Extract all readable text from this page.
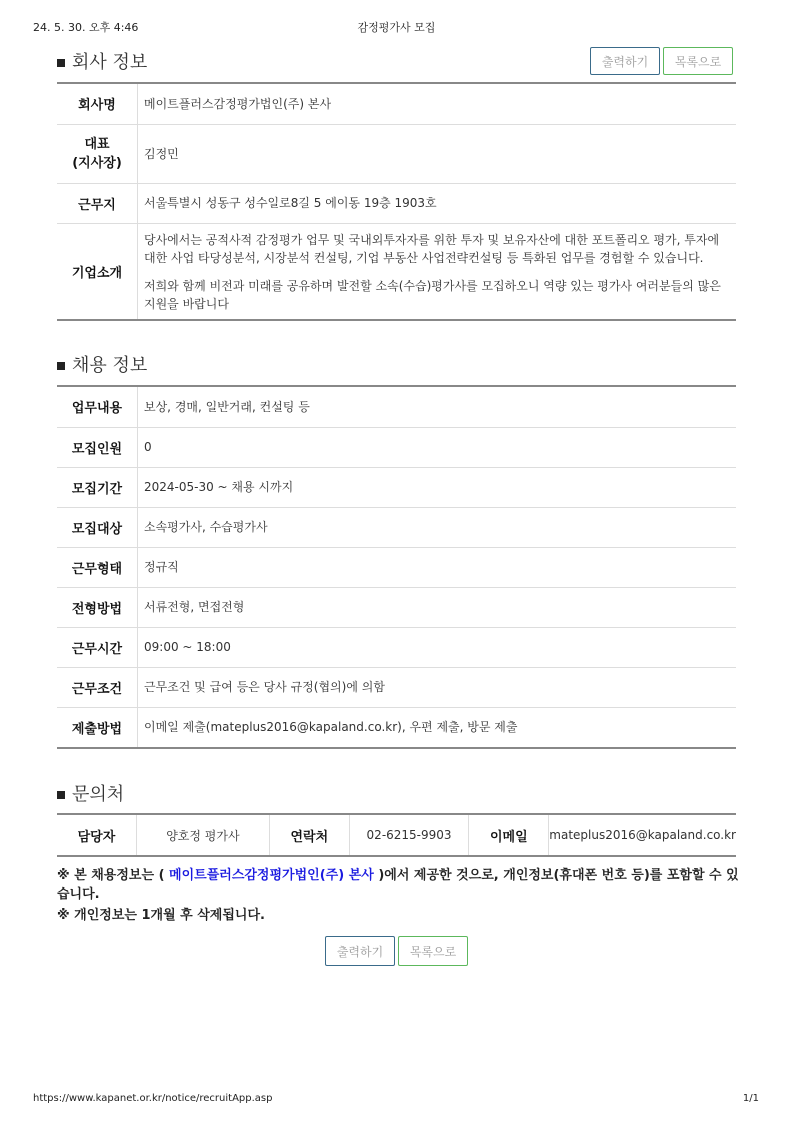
24. 5. 30. 오후 4:46	감정평가사 모집
회사 정보	출력하기	목록으로
회사명	메이트플러스감정평가법인(주) 본사
대표
(지사장)	김정민
근무지	서울특별시 성동구 성수일로8길 5 에이동 19층 1903호
기업소개	당사에서는 공적사적 감정평가 업무 및 국내외투자자를 위한 투자 및 보유자산에 대한 포트폴리오 평가, 투자에 대한 사업 타당성분석, 시장분석 컨설팅, 기업 부동산 사업전략컨설팅 등 특화된 업무를 경험할 수 있습니다.
저희와 함께 비전과 미래를 공유하며 발전할 소속(수습)평가사를 모집하오니 역량 있는 평가사 여러분들의 많은 지원을 바랍니다
채용 정보
업무내용	보상, 경매, 일반거래, 컨설팅 등
모집인원	0
모집기간	2024-05-30 ~ 채용 시까지
모집대상	소속평가사, 수습평가사
근무형태	정규직
전형방법	서류전형, 면접전형
근무시간	09:00 ~ 18:00
근무조건	근무조건 및 급여 등은 당사 규정(협의)에 의함
제출방법	이메일 제출(mateplus2016@kapaland.co.kr), 우편 제출, 방문 제출
문의처
담당자	양호정 평가사	연락처	02-6215-9903	이메일	mateplus2016@kapaland.co.kr
※ 본 채용정보는 ( 메이트플러스감정평가법인(주) 본사 )에서 제공한 것으로, 개인정보(휴대폰 번호 등)를 포함할 수 있습니다.
※ 개인정보는 1개월 후 삭제됩니다.
출력하기	목록으로
https://www.kapanet.or.kr/notice/recruitApp.asp	1/1
